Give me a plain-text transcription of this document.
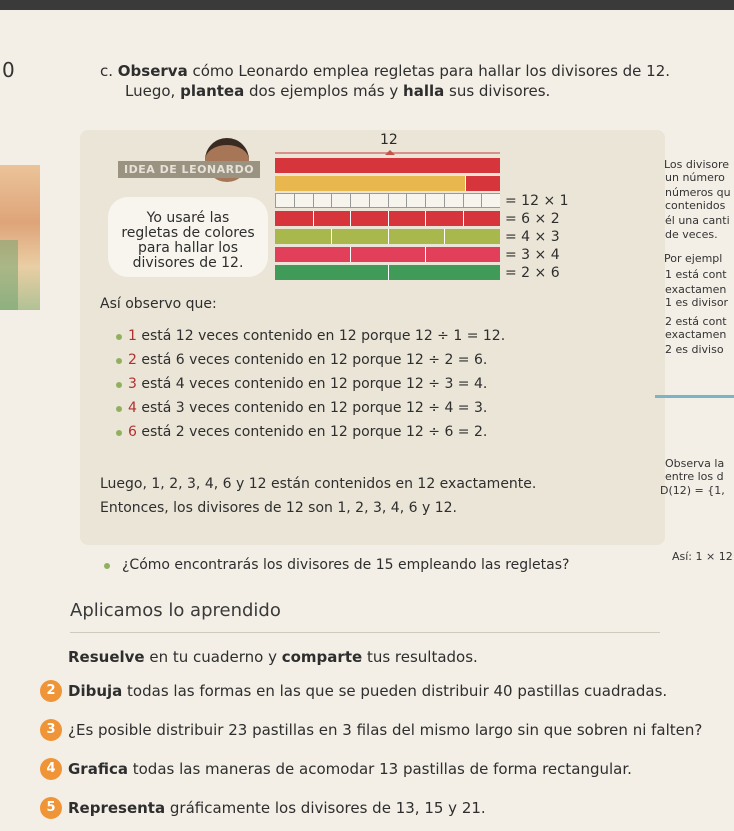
0	c. Observa cómo Leonardo emplea regletas para hallar los divisores de 12.
Luego, plantea dos ejemplos más y halla sus divisores.
IDEA DE LEONARDO
Yo usaré las
regletas de colores
para hallar los
divisores de 12.
12
= 12 × 1
= 6 × 2
= 4 × 3
= 3 × 4
= 2 × 6
Así observo que:
1 está 12 veces contenido en 12 porque 12 ÷ 1 = 12.
2 está 6 veces contenido en 12 porque 12 ÷ 2 = 6.
3 está 4 veces contenido en 12 porque 12 ÷ 3 = 4.
4 está 3 veces contenido en 12 porque 12 ÷ 4 = 3.
6 está 2 veces contenido en 12 porque 12 ÷ 6 = 2.
Luego, 1, 2, 3, 4, 6 y 12 están contenidos en 12 exactamente.
Entonces, los divisores de 12 son 1, 2, 3, 4, 6 y 12.
¿Cómo encontrarás los divisores de 15 empleando las regletas?
Los divisore
un número
números qu
contenidos
él una canti
de veces.
Por ejempl
1 está cont
exactamen
1 es divisor
2 está cont
exactamen
2 es diviso
Observa la
entre los d
D(12) = {1,
Así: 1 × 12
Aplicamos lo aprendido
Resuelve en tu cuaderno y comparte tus resultados.
2 Dibuja todas las formas en las que se pueden distribuir 40 pastillas cuadradas.
3 ¿Es posible distribuir 23 pastillas en 3 filas del mismo largo sin que sobren ni falten?
4 Grafica todas las maneras de acomodar 13 pastillas de forma rectangular.
5 Representa gráficamente los divisores de 13, 15 y 21.
